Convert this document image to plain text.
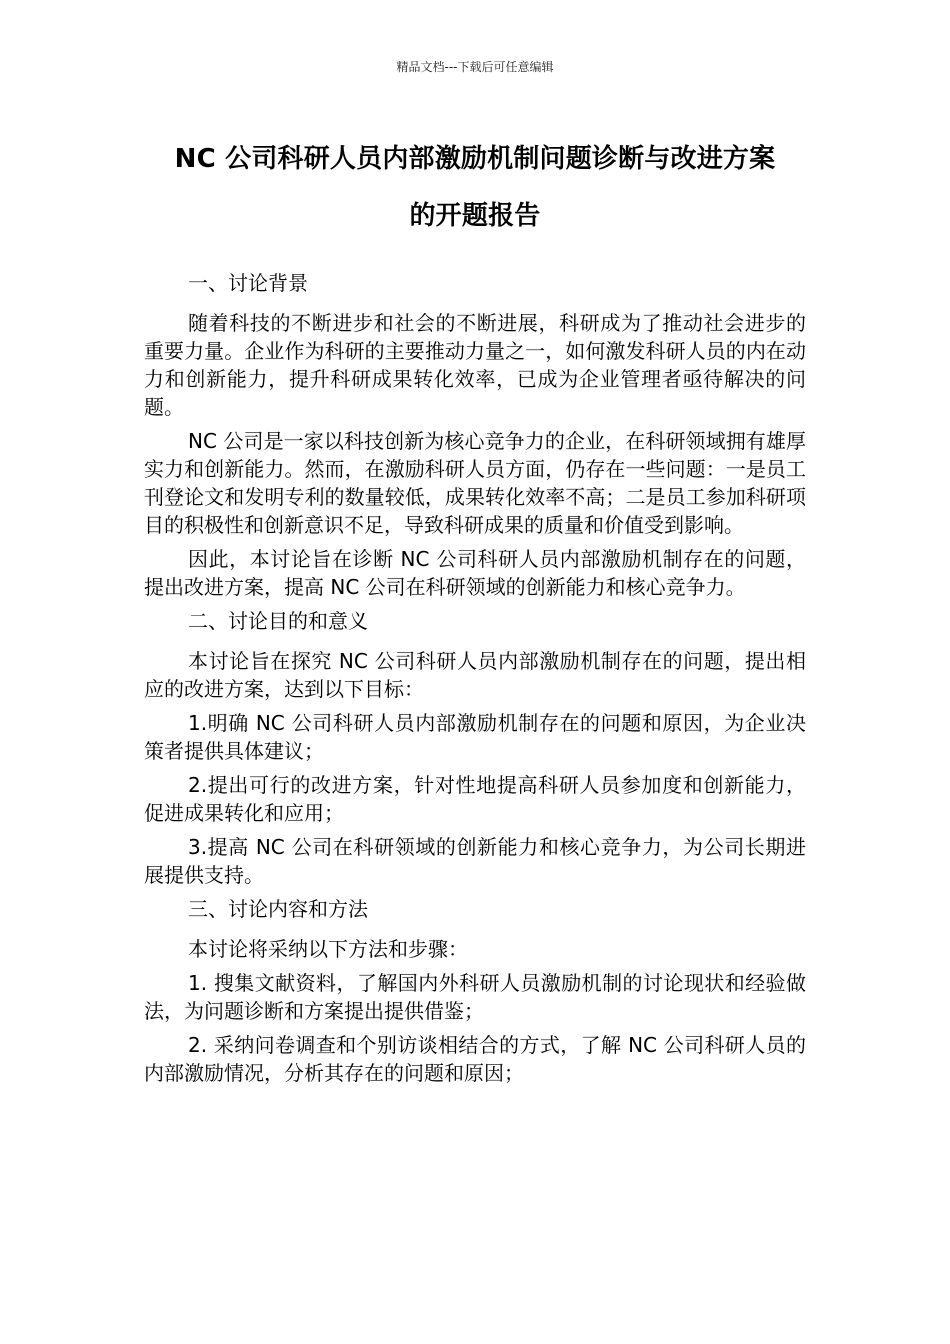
精品文档---下载后可任意编辑
NC 公司科研人员内部激励机制问题诊断与改进方案
的开题报告

一、讨论背景

随着科技的不断进步和社会的不断进展，科研成为了推动社会进步的重要力量。企业作为科研的主要推动力量之一，如何激发科研人员的内在动力和创新能力，提升科研成果转化效率，已成为企业管理者亟待解决的问题。

NC 公司是一家以科技创新为核心竞争力的企业，在科研领域拥有雄厚实力和创新能力。然而，在激励科研人员方面，仍存在一些问题：一是员工刊登论文和发明专利的数量较低，成果转化效率不高；二是员工参加科研项目的积极性和创新意识不足，导致科研成果的质量和价值受到影响。

因此，本讨论旨在诊断 NC 公司科研人员内部激励机制存在的问题，提出改进方案，提高 NC 公司在科研领域的创新能力和核心竞争力。

二、讨论目的和意义

本讨论旨在探究 NC 公司科研人员内部激励机制存在的问题，提出相应的改进方案，达到以下目标：

1.明确 NC 公司科研人员内部激励机制存在的问题和原因，为企业决策者提供具体建议；

2.提出可行的改进方案，针对性地提高科研人员参加度和创新能力，促进成果转化和应用；

3.提高 NC 公司在科研领域的创新能力和核心竞争力，为公司长期进展提供支持。

三、讨论内容和方法

本讨论将采纳以下方法和步骤：

1. 搜集文献资料，了解国内外科研人员激励机制的讨论现状和经验做法，为问题诊断和方案提出提供借鉴；

2. 采纳问卷调查和个别访谈相结合的方式，了解 NC 公司科研人员的内部激励情况，分析其存在的问题和原因；
